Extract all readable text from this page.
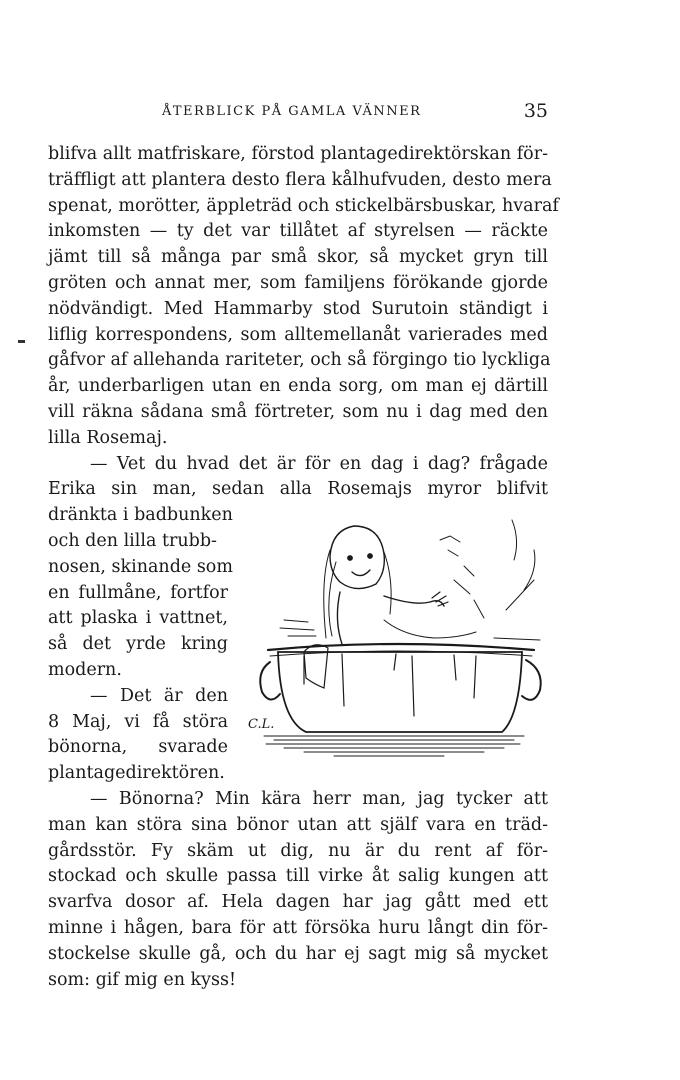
ÅTERBLICK PÅ GAMLA VÄNNER	35
blifva allt matfriskare, förstod plantagedirektörskan för-
träffligt att plantera desto flera kålhufvuden, desto mera
spenat, morötter, äppleträd och stickelbärsbuskar, hvaraf
inkomsten — ty det var tillåtet af styrelsen — räckte
jämt till så många par små skor, så mycket gryn till
gröten och annat mer, som familjens förökande gjorde
nödvändigt. Med Hammarby stod Surutoin ständigt i
liflig korrespondens, som alltemellanåt varierades med
gåfvor af allehanda rariteter, och så förgingo tio lyckliga
år, underbarligen utan en enda sorg, om man ej därtill
vill räkna sådana små förtreter, som nu i dag med den
lilla Rosemaj.
— Vet du hvad det är för en dag i dag? frågade
Erika sin man, sedan alla Rosemajs myror blifvit
dränkta i badbunken
och den lilla trubb-
nosen, skinande som
en fullmåne, fortfor
att plaska i vattnet,
så det yrde kring
modern.
— Det är den
8 Maj, vi få störa
bönorna, svarade
plantagedirektören.
— Bönorna? Min kära herr man, jag tycker att
man kan störa sina bönor utan att själf vara en träd-
gårdsstör. Fy skäm ut dig, nu är du rent af för-
stockad och skulle passa till virke åt salig kungen att
svarfva dosor af. Hela dagen har jag gått med ett
minne i hågen, bara för att försöka huru långt din för-
stockelse skulle gå, och du har ej sagt mig så mycket
som: gif mig en kyss!
C.L.
